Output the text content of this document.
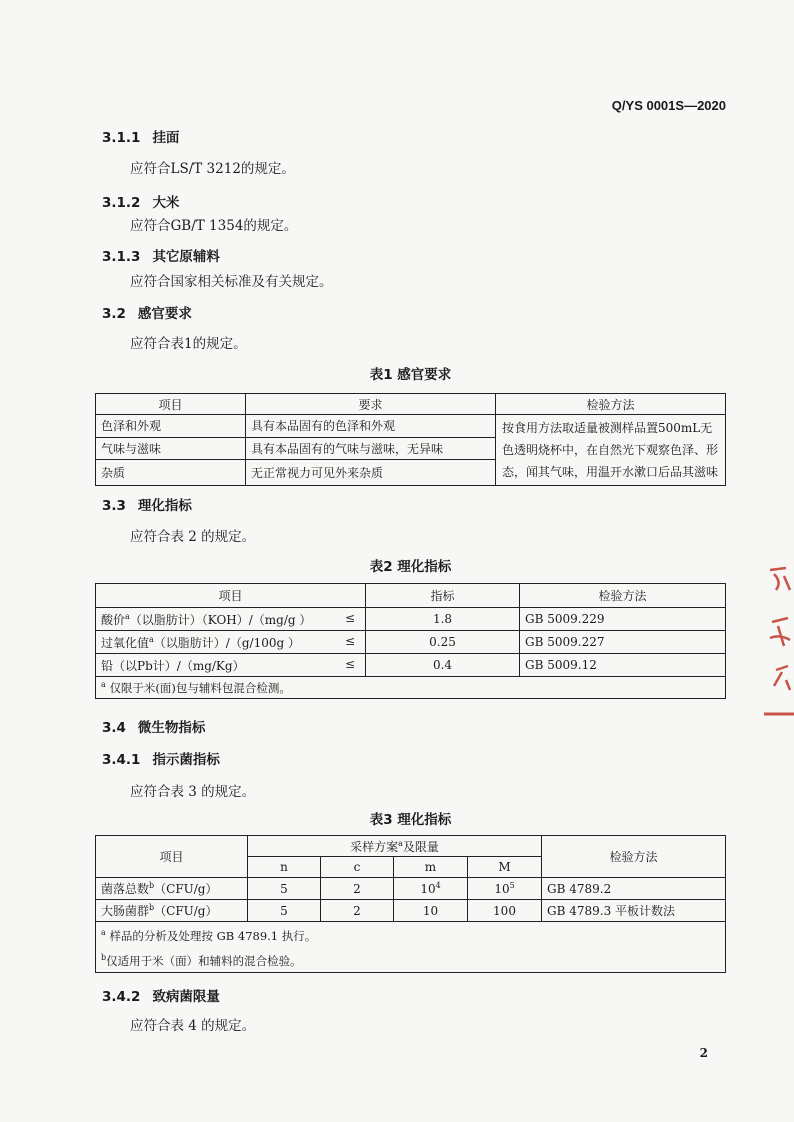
Q/YS 0001S—2020
3.1.1 挂面
应符合LS/T 3212的规定。
3.1.2 大米
应符合GB/T 1354的规定。
3.1.3 其它原辅料
应符合国家相关标准及有关规定。
3.2 感官要求
应符合表1的规定。
表1 感官要求
项目	要求	检验方法
色泽和外观	具有本品固有的色泽和外观	按食用方法取适量被测样品置500mL无色透明烧杯中，在自然光下观察色泽、形态，闻其气味，用温开水漱口后品其滋味
气味与滋味	具有本品固有的气味与滋味，无异味	
杂质	无正常视力可见外来杂质	
3.3 理化指标
应符合表 2 的规定。
表2 理化指标
项目	指标	检验方法
酸价$^a$（以脂肪计）（KOH）/（mg/g ） ≤	1.8	GB 5009.229
过氧化值$^a$（以脂肪计）/（g/100g ） ≤	0.25	GB 5009.227
铅（以Pb计）/（mg/Kg） ≤	0.4	GB 5009.12
$^a$ 仅限于米(面)包与辅料包混合检测。		
3.4 微生物指标
3.4.1 指示菌指标
应符合表 3 的规定。
表3 理化指标
项目	采样方案$^a$及限量				检验方法
	n	c	m	M	
菌落总数$^b$（CFU/g）	5	2	$10^4$	$10^5$	GB 4789.2
大肠菌群$^b$（CFU/g）	5	2	10	100	GB 4789.3 平板计数法

$^a$ 样品的分析及处理按 GB 4789.1 执行。
$^b$仅适用于米（面）和辅料的混合检验。					
3.4.2 致病菌限量
应符合表 4 的规定。
2
